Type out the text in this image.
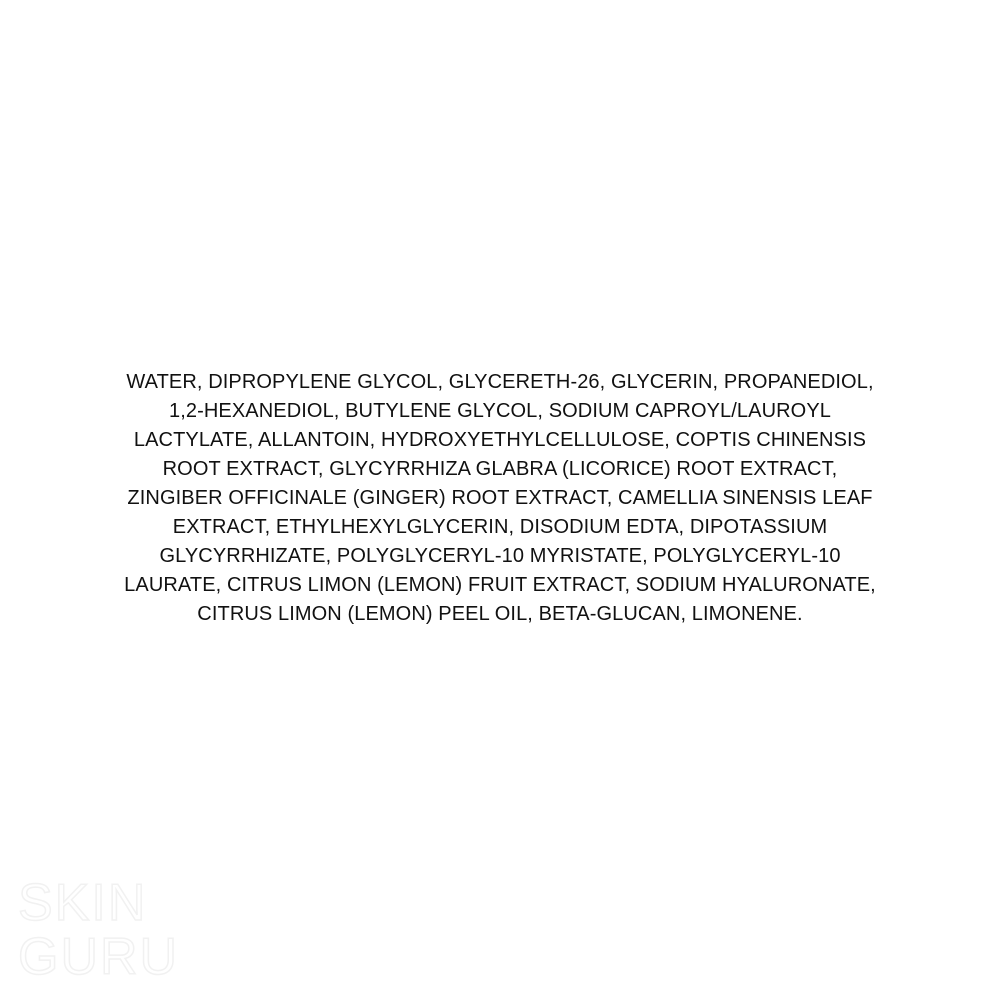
WATER, DIPROPYLENE GLYCOL, GLYCERETH-26, GLYCERIN, PROPANEDIOL,
1,2-HEXANEDIOL, BUTYLENE GLYCOL, SODIUM CAPROYL/LAUROYL
LACTYLATE, ALLANTOIN, HYDROXYETHYLCELLULOSE, COPTIS CHINENSIS
ROOT EXTRACT, GLYCYRRHIZA GLABRA (LICORICE) ROOT EXTRACT,
ZINGIBER OFFICINALE (GINGER) ROOT EXTRACT, CAMELLIA SINENSIS LEAF
EXTRACT, ETHYLHEXYLGLYCERIN, DISODIUM EDTA, DIPOTASSIUM
GLYCYRRHIZATE, POLYGLYCERYL-10 MYRISTATE, POLYGLYCERYL-10
LAURATE, CITRUS LIMON (LEMON) FRUIT EXTRACT, SODIUM HYALURONATE,
CITRUS LIMON (LEMON) PEEL OIL, BETA-GLUCAN, LIMONENE.

SKIN
GURU
